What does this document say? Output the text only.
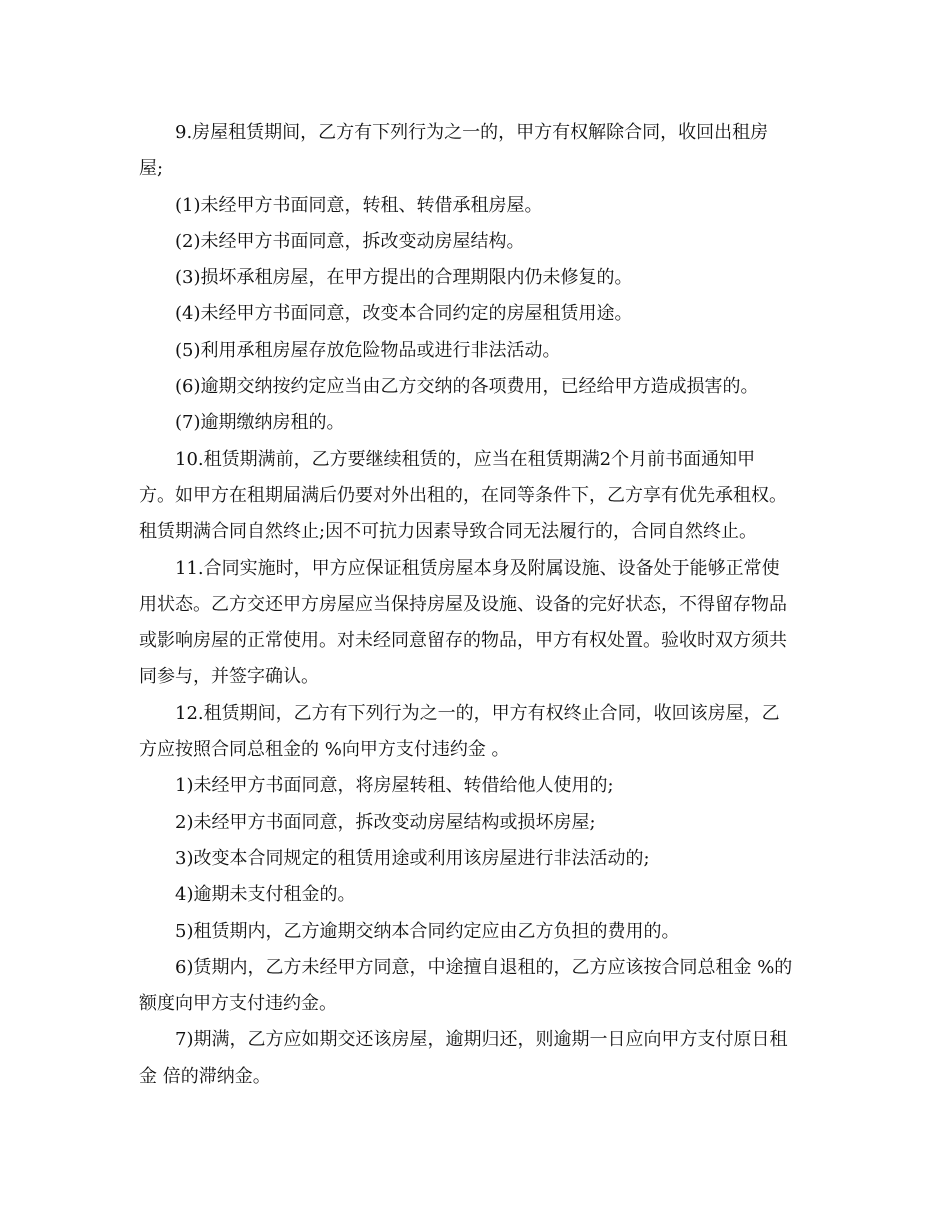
9.房屋租赁期间，乙方有下列行为之一的，甲方有权解除合同，收回出租房
屋;
(1)未经甲方书面同意，转租、转借承租房屋。
(2)未经甲方书面同意，拆改变动房屋结构。
(3)损坏承租房屋，在甲方提出的合理期限内仍未修复的。
(4)未经甲方书面同意，改变本合同约定的房屋租赁用途。
(5)利用承租房屋存放危险物品或进行非法活动。
(6)逾期交纳按约定应当由乙方交纳的各项费用，已经给甲方造成损害的。
(7)逾期缴纳房租的。
10.租赁期满前，乙方要继续租赁的，应当在租赁期满2个月前书面通知甲
方。如甲方在租期届满后仍要对外出租的，在同等条件下，乙方享有优先承租权。
租赁期满合同自然终止;因不可抗力因素导致合同无法履行的，合同自然终止。
11.合同实施时，甲方应保证租赁房屋本身及附属设施、设备处于能够正常使
用状态。乙方交还甲方房屋应当保持房屋及设施、设备的完好状态，不得留存物品
或影响房屋的正常使用。对未经同意留存的物品，甲方有权处置。验收时双方须共
同参与，并签字确认。
12.租赁期间，乙方有下列行为之一的，甲方有权终止合同，收回该房屋，乙
方应按照合同总租金的 %向甲方支付违约金 。
1)未经甲方书面同意，将房屋转租、转借给他人使用的;
2)未经甲方书面同意，拆改变动房屋结构或损坏房屋;
3)改变本合同规定的租赁用途或利用该房屋进行非法活动的;
4)逾期未支付租金的。
5)租赁期内，乙方逾期交纳本合同约定应由乙方负担的费用的。
6)赁期内，乙方未经甲方同意，中途擅自退租的，乙方应该按合同总租金 %的
额度向甲方支付违约金。
7)期满，乙方应如期交还该房屋，逾期归还，则逾期一日应向甲方支付原日租
金 倍的滞纳金。
